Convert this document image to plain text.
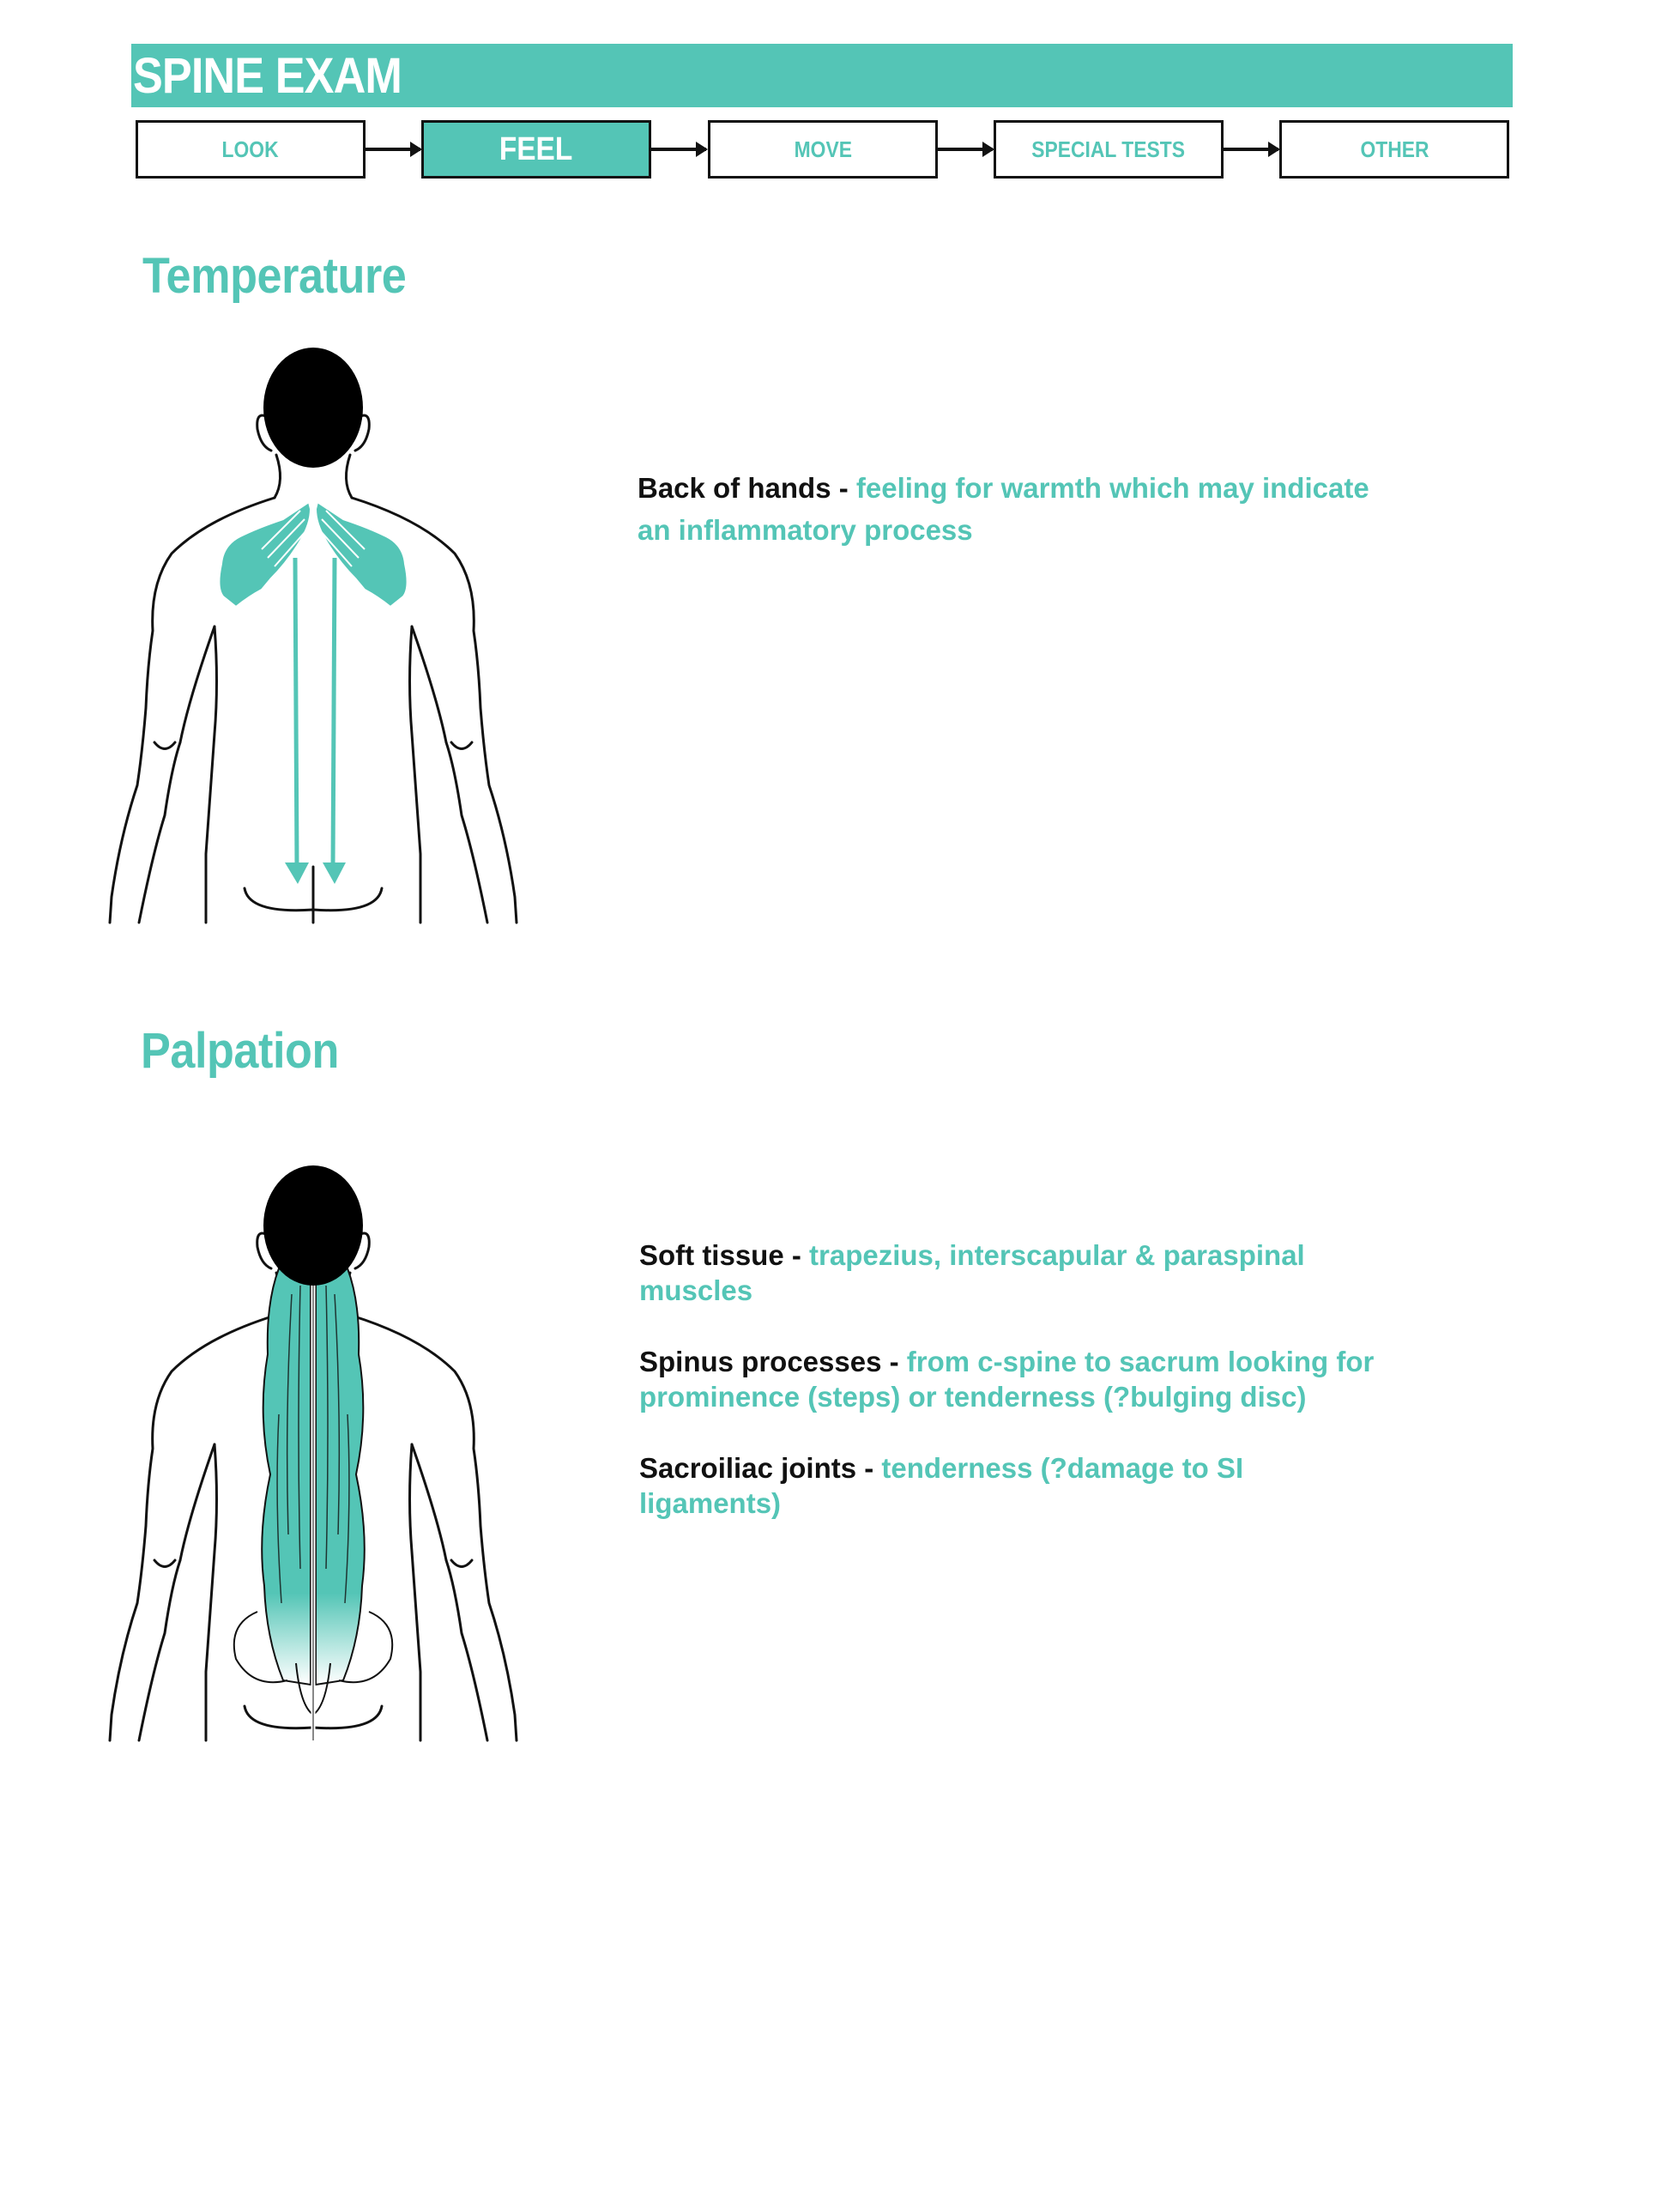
SPINE EXAM
LOOK	FEEL	MOVE	SPECIAL TESTS	OTHER
Temperature
Back of hands - feeling for warmth which may indicate an inflammatory process
Palpation
Soft tissue - trapezius, interscapular & paraspinal muscles
Spinus processes - from c-spine to sacrum looking for prominence (steps) or tenderness (?bulging disc)
Sacroiliac joints - tenderness (?damage to SI ligaments)
